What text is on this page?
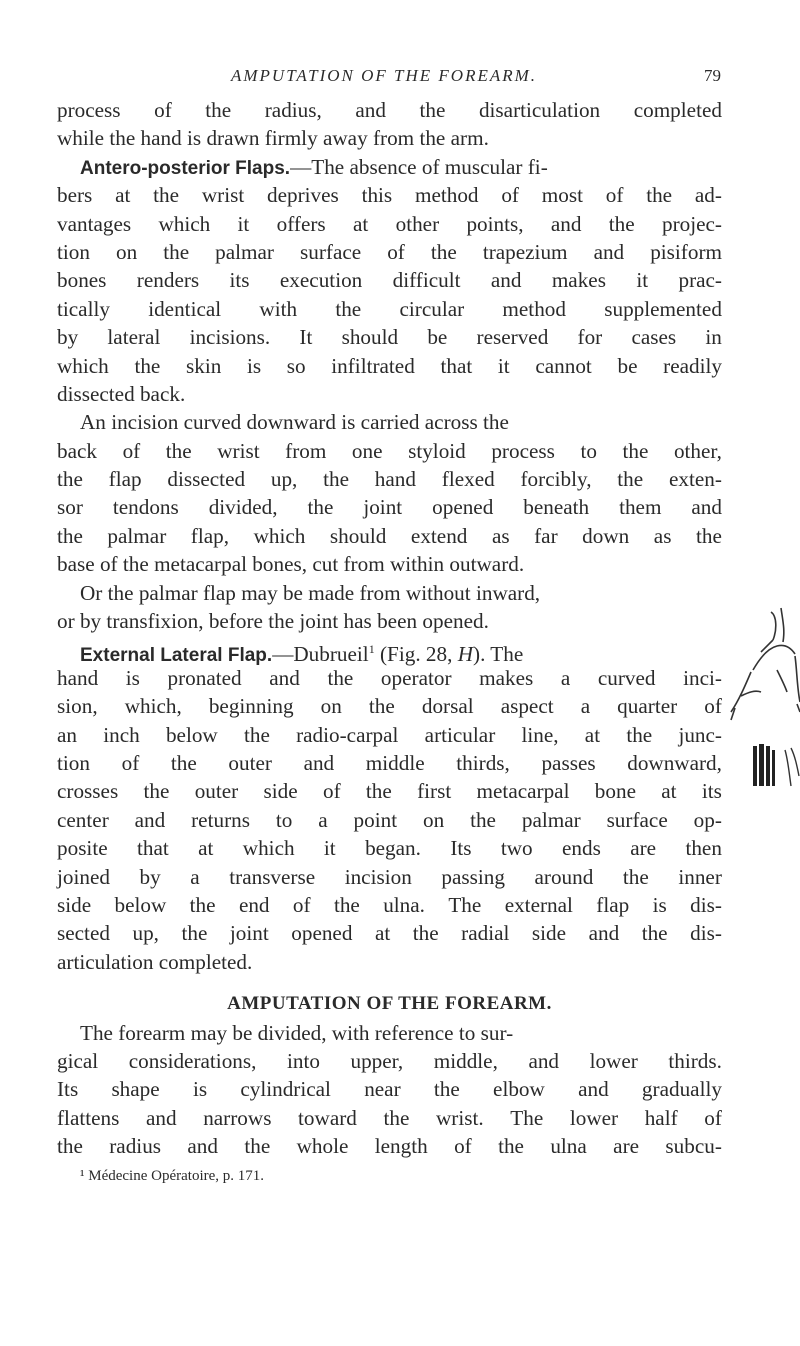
AMPUTATION OF THE FOREARM.	79
process of the radius, and the disarticulation completed
while the hand is drawn firmly away from the arm.
Antero-posterior Flaps.—The absence of muscular fi-
bers at the wrist deprives this method of most of the ad-
vantages which it offers at other points, and the projec-
tion on the palmar surface of the trapezium and pisiform
bones renders its execution difficult and makes it prac-
tically identical with the circular method supplemented
by lateral incisions. It should be reserved for cases in
which the skin is so infiltrated that it cannot be readily
dissected back.
An incision curved downward is carried across the
back of the wrist from one styloid process to the other,
the flap dissected up, the hand flexed forcibly, the exten-
sor tendons divided, the joint opened beneath them and
the palmar flap, which should extend as far down as the
base of the metacarpal bones, cut from within outward.
Or the palmar flap may be made from without inward,
or by transfixion, before the joint has been opened.
External Lateral Flap.—Dubrueil$^1$ (Fig. 28, H). The
hand is pronated and the operator makes a curved inci-
sion, which, beginning on the dorsal aspect a quarter of
an inch below the radio-carpal articular line, at the junc-
tion of the outer and middle thirds, passes downward,
crosses the outer side of the first metacarpal bone at its
center and returns to a point on the palmar surface op-
posite that at which it began. Its two ends are then
joined by a transverse incision passing around the inner
side below the end of the ulna. The external flap is dis-
sected up, the joint opened at the radial side and the dis-
articulation completed.
AMPUTATION OF THE FOREARM.
The forearm may be divided, with reference to sur-
gical considerations, into upper, middle, and lower thirds.
Its shape is cylindrical near the elbow and gradually
flattens and narrows toward the wrist. The lower half of
the radius and the whole length of the ulna are subcu-
¹ Médecine Opératoire, p. 171.
